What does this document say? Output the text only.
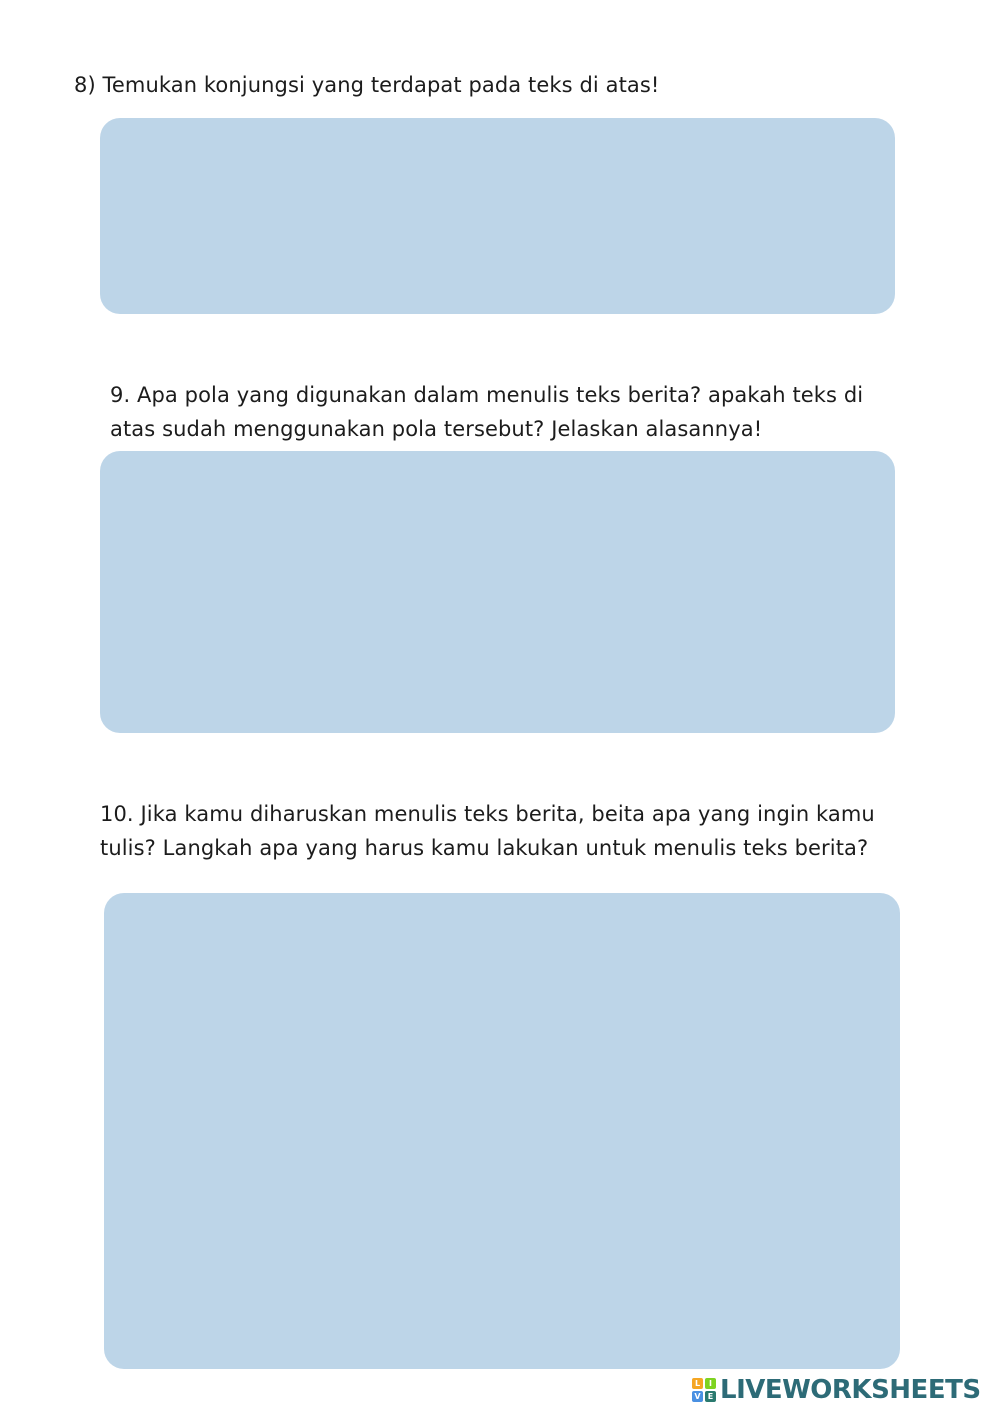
8) Temukan konjungsi yang terdapat pada teks di atas!

9. Apa pola yang digunakan dalam menulis teks berita? apakah teks di
atas sudah menggunakan pola tersebut? Jelaskan alasannya!

10. Jika kamu diharuskan menulis teks berita, beita apa yang ingin kamu
tulis? Langkah apa yang harus kamu lakukan untuk menulis teks berita?

L	I
V E LIVEWORKSHEETS
